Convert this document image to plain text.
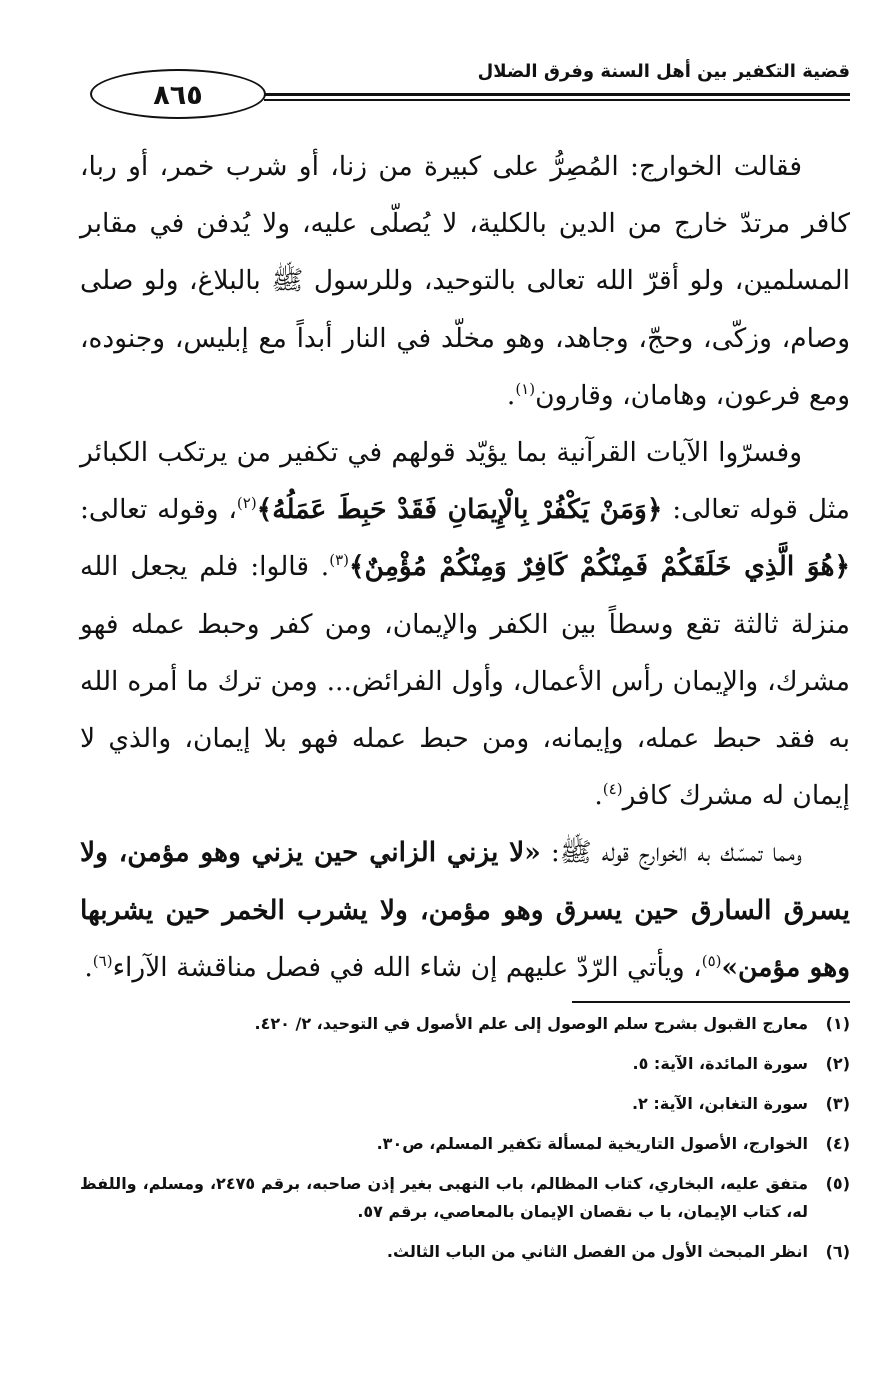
٨٦٥
قضية التكفير بين أهل السنة وفرق الضلال

فقالت الخوارج: المُصِرُّ على كبيرة من زنا، أو شرب خمر، أو ربا، كافر مرتدّ خارج من الدين بالكلية، لا يُصلّى عليه، ولا يُدفن في مقابر المسلمين، ولو أقرّ الله تعالى بالتوحيد، وللرسول ﷺ بالبلاغ، ولو صلى وصام، وزكّى، وحجّ، وجاهد، وهو مخلّد في النار أبداً مع إبليس، وجنوده، ومع فرعون، وهامان، وقارون$^{(١)}$.

وفسرّوا الآيات القرآنية بما يؤيّد قولهم في تكفير من يرتكب الكبائر مثل قوله تعالى: ﴿وَمَنْ يَكْفُرْ بِالْإِيمَانِ فَقَدْ حَبِطَ عَمَلُهُ﴾$^{(٢)}$، وقوله تعالى: ﴿هُوَ الَّذِي خَلَقَكُمْ فَمِنْكُمْ كَافِرٌ وَمِنْكُمْ مُؤْمِنٌ﴾$^{(٣)}$. قالوا: فلم يجعل الله منزلة ثالثة تقع وسطاً بين الكفر والإيمان، ومن كفر وحبط عمله فهو مشرك، والإيمان رأس الأعمال، وأول الفرائض... ومن ترك ما أمره الله به فقد حبط عمله، وإيمانه، ومن حبط عمله فهو بلا إيمان، والذي لا إيمان له مشرك كافر$^{(٤)}$.

ومما تمسّك به الخوارج قوله ﷺ: «لا يزني الزاني حين يزني وهو مؤمن، ولا يسرق السارق حين يسرق وهو مؤمن، ولا يشرب الخمر حين يشربها وهو مؤمن»$^{(٥)}$، ويأتي الرّدّ عليهم إن شاء الله في فصل مناقشة الآراء$^{(٦)}$.

(١)
معارج القبول بشرح سلم الوصول إلى علم الأصول في التوحيد، ٢/ ٤٢٠.

(٢)
سورة المائدة، الآية: ٥.

(٣)
سورة التغابن، الآية: ٢.

(٤)
الخوارج، الأصول التاريخية لمسألة تكفير المسلم، ص٣٠.

(٥)
متفق عليه، البخاري، كتاب المظالم، باب النهبى بغير إذن صاحبه، برقم ٢٤٧٥، ومسلم، واللفظ له، كتاب الإيمان، با ب نقصان الإيمان بالمعاصي، برقم ٥٧.

(٦)
انظر المبحث الأول من الفصل الثاني من الباب الثالث.
